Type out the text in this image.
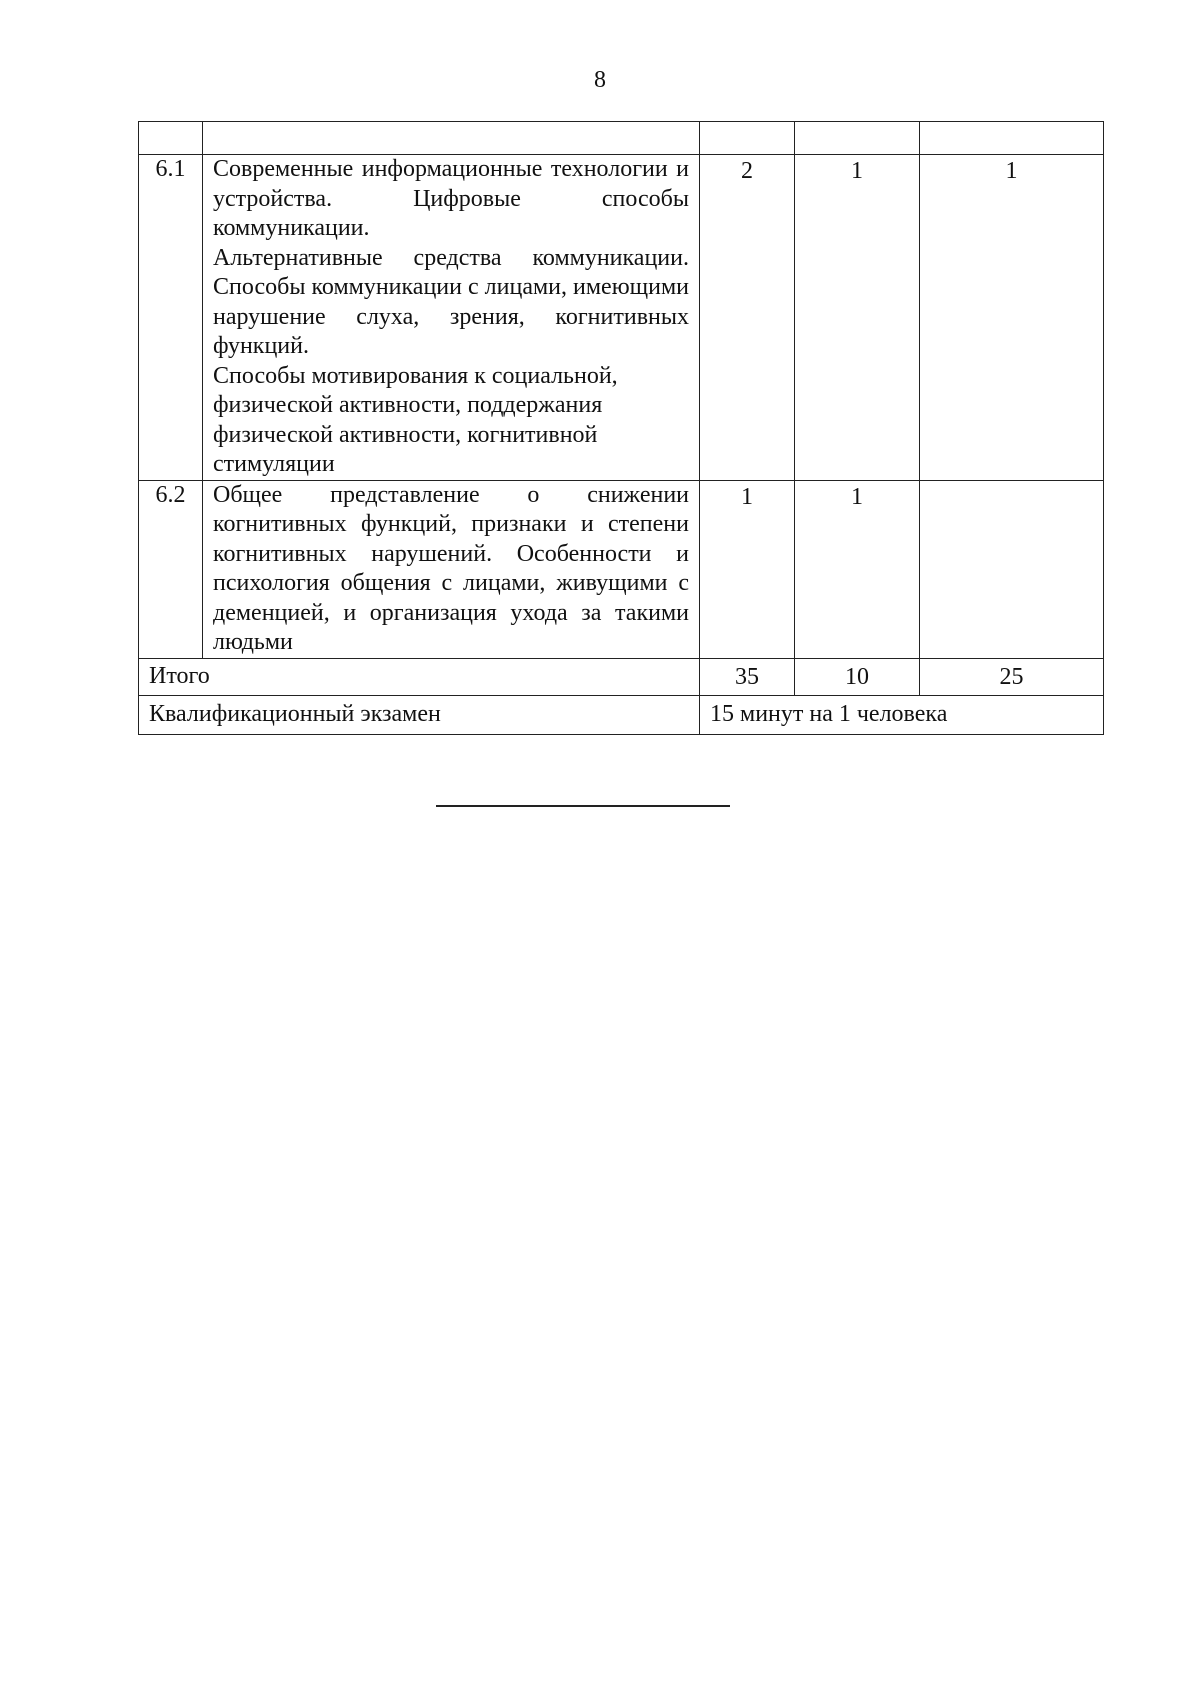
8

6.1	Современные информационные технологии и устройства. Цифровые способы коммуникации.

Альтернативные средства коммуникации. Способы коммуникации с лицами, имеющими нарушение слуха, зрения, когнитивных функций.

Способы мотивирования к социальной, физической активности, поддержания физической активности, когнитивной стимуляции	2	1	1
6.2	Общее представление о снижении когнитивных функций, признаки и степени когнитивных нарушений. Особенности и психология общения с лицами, живущими с деменцией, и организация ухода за такими людьми	1	1	
Итого		35	10	25
Квалификационный экзамен		15 минут на 1 человека		
